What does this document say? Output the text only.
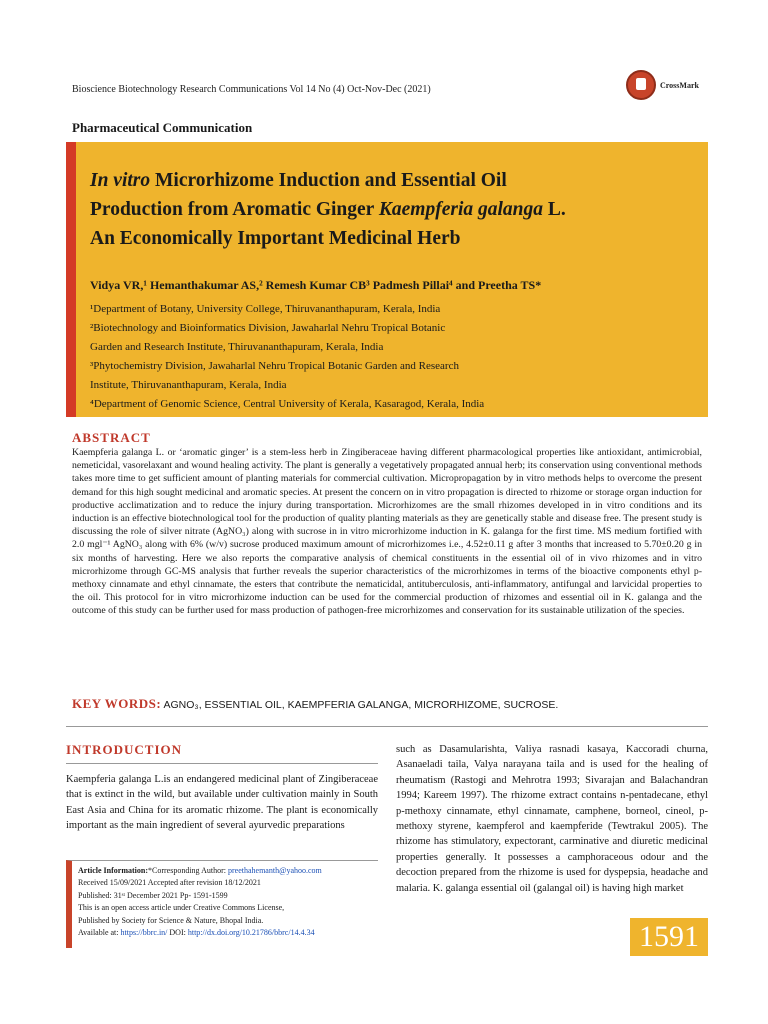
Bioscience Biotechnology Research Communications Vol 14 No (4) Oct-Nov-Dec (2021)	CrossMark
Pharmaceutical Communication
In vitro Microrhizome Induction and Essential Oil
Production from Aromatic Ginger Kaempferia galanga L.
An Economically Important Medicinal Herb
Vidya VR,¹ Hemanthakumar AS,² Remesh Kumar CB³ Padmesh Pillai⁴ and Preetha TS*
¹Department of Botany, University College, Thiruvananthapuram, Kerala, India
²Biotechnology and Bioinformatics Division, Jawaharlal Nehru Tropical Botanic
Garden and Research Institute, Thiruvananthapuram, Kerala, India
³Phytochemistry Division, Jawaharlal Nehru Tropical Botanic Garden and Research
Institute, Thiruvananthapuram, Kerala, India
⁴Department of Genomic Science, Central University of Kerala, Kasaragod, Kerala, India
ABSTRACT
Kaempferia galanga L. or ‘aromatic ginger’ is a stem-less herb in Zingiberaceae having different pharmacological properties like antioxidant, antimicrobial, nemeticidal, vasorelaxant and wound healing activity. The plant is generally a vegetatively propagated annual herb; its conservation using conventional methods takes more time to get sufficient amount of planting materials for commercial cultivation. Micropropagation by in vitro methods helps to overcome the present demand for this high sought medicinal and aromatic species. At present the concern on in vitro propagation is directed to rhizome or storage organ induction for productive acclimatization and to reduce the injury during transportation. Microrhizomes are the small rhizomes developed in in vitro conditions and its induction is an effective biotechnological tool for the production of quality planting materials as they are genetically stable and disease free. The present study is discussing the role of silver nitrate (AgNO₃) along with sucrose in in vitro microrhizome induction in K. galanga for the first time. MS medium fortified with 2.0 mgl⁻¹ AgNO₃ along with 6% (w/v) sucrose produced maximum amount of microrhizomes i.e., 4.52±0.11 g after 3 months that increased to 5.70±0.20 g in six months of harvesting. Here we also reports the comparative analysis of chemical constituents in the essential oil of in vivo rhizomes and in vitro microrhizome through GC-MS analysis that further reveals the superior characteristics of the microrhizomes in terms of the bioactive components ethyl p-methoxy cinnamate and ethyl cinnamate, the esters that contribute the nematicidal, antituberculosis, anti-inflammatory, antifungal and larvicidal properties to the oil. This protocol for in vitro microrhizome induction can be used for the commercial production of rhizomes and essential oil in K. galanga and the outcome of this study can be further used for mass production of pathogen-free microrhizomes and conservation for its sustainable utilization of the species.
KEY WORDS: AGNO₃, ESSENTIAL OIL, KAEMPFERIA GALANGA, MICRORHIZOME, SUCROSE.
INTRODUCTION
Kaempferia galanga L.is an endangered medicinal plant of Zingiberaceae that is extinct in the wild, but available under cultivation mainly in South East Asia and China for its aromatic rhizome. The plant is economically important as the main ingredient of several ayurvedic preparations
such as Dasamularishta, Valiya rasnadi kasaya, Kaccoradi churna, Asanaeladi taila, Valya narayana taila and is used for the healing of rheumatism (Rastogi and Mehrotra 1993; Sivarajan and Balachandran 1994; Kareem 1997). The rhizome extract contains n-pentadecane, ethyl p-methoxy cinnamate, ethyl cinnamate, camphene, borneol, cineol, p-methoxy styrene, kaempferol and kaempferide (Tewtrakul 2005). The rhizome has stimulatory, expectorant, carminative and diuretic medicinal properties generally. It possesses a camphoraceous odour and the decoction prepared from the rhizome is used for dyspepsia, headache and malaria. K. galanga essential oil (galangal oil) is having high market
Article Information:*Corresponding Author: preethahemanth@yahoo.com
Received 15/09/2021 Accepted after revision 18/12/2021
Published: 31ˢᵗ December 2021 Pp- 1591-1599
This is an open access article under Creative Commons License,
Published by Society for Science & Nature, Bhopal India.
Available at: https://bbrc.in/ DOI: http://dx.doi.org/10.21786/bbrc/14.4.34	1591
